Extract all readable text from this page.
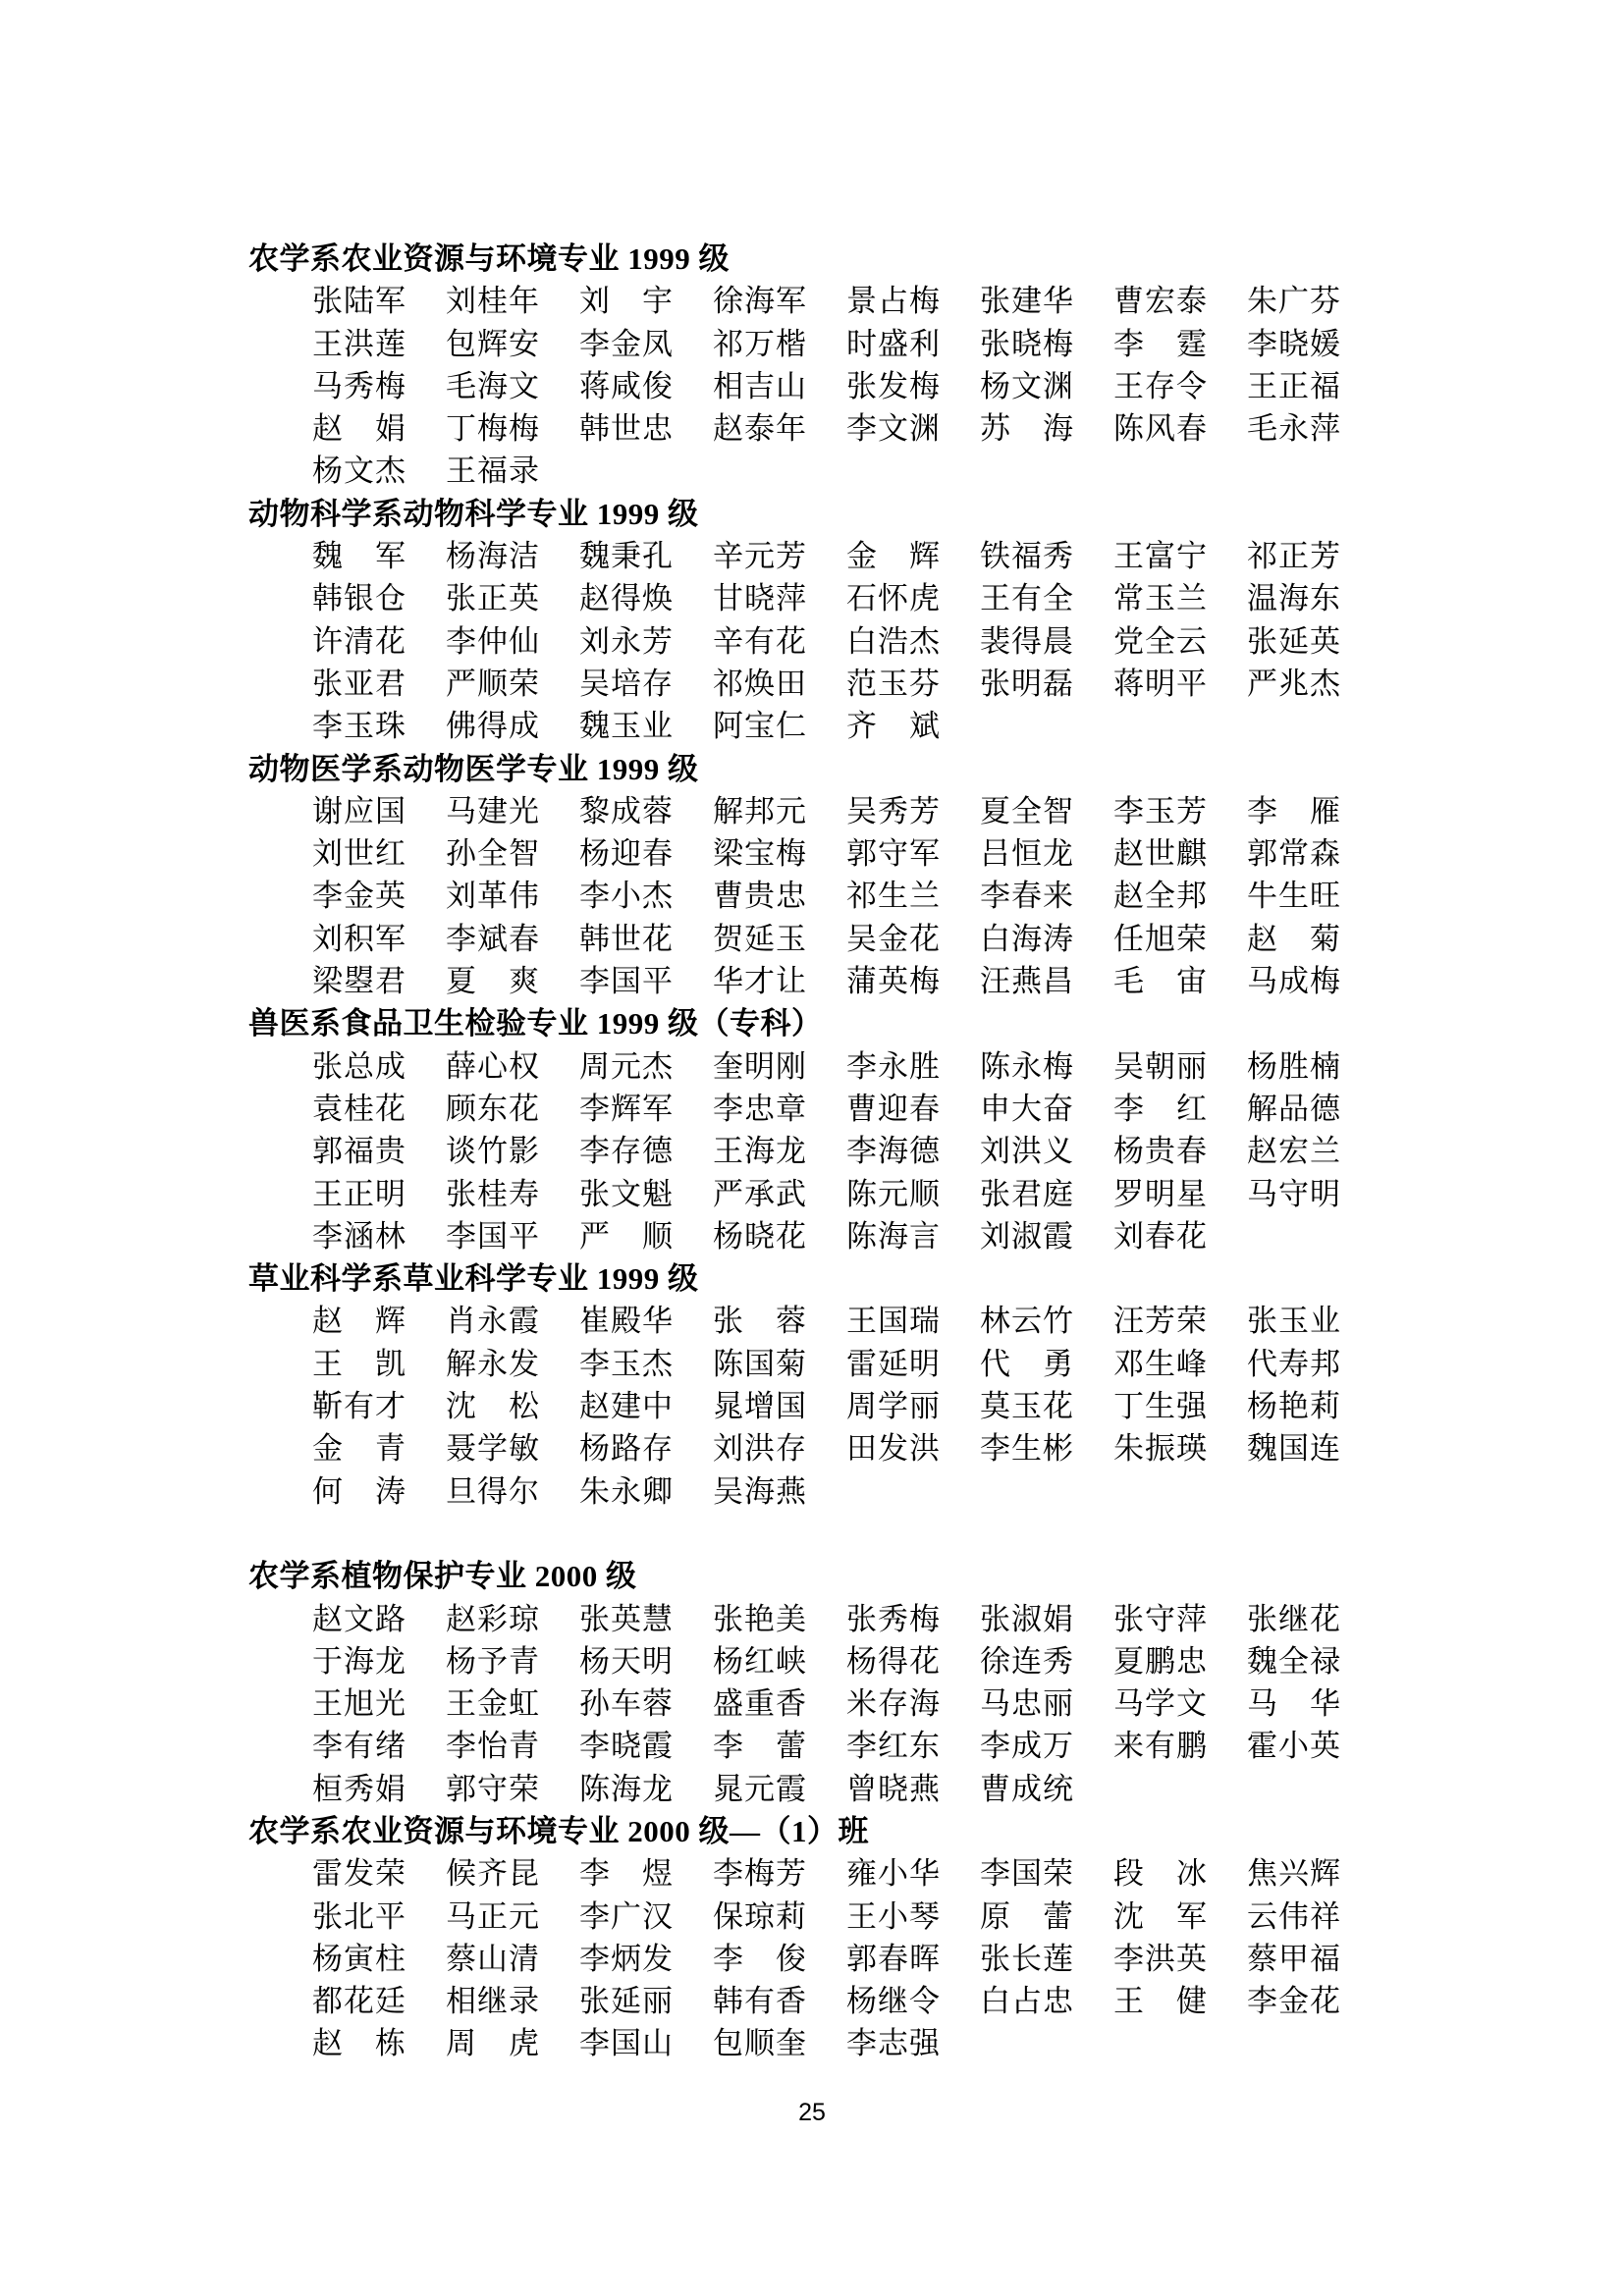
农学系农业资源与环境专业 1999 级
张陆军	刘桂年	刘　宇	徐海军	景占梅	张建华	曹宏泰	朱广芬
王洪莲	包辉安	李金凤	祁万楷	时盛利	张晓梅	李　霆	李晓媛
马秀梅	毛海文	蒋咸俊	相吉山	张发梅	杨文渊	王存令	王正福
赵　娟	丁梅梅	韩世忠	赵泰年	李文渊	苏　海	陈风春	毛永萍
杨文杰	王福录
动物科学系动物科学专业 1999 级
魏　军	杨海洁	魏秉孔	辛元芳	金　辉	铁福秀	王富宁	祁正芳
韩银仓	张正英	赵得焕	甘晓萍	石怀虎	王有全	常玉兰	温海东
许清花	李仲仙	刘永芳	辛有花	白浩杰	裴得晨	党全云	张延英
张亚君	严顺荣	吴培存	祁焕田	范玉芬	张明磊	蒋明平	严兆杰
李玉珠	佛得成	魏玉业	阿宝仁	齐　斌
动物医学系动物医学专业 1999 级
谢应国	马建光	黎成蓉	解邦元	吴秀芳	夏全智	李玉芳	李　雁
刘世红	孙全智	杨迎春	梁宝梅	郭守军	吕恒龙	赵世麒	郭常森
李金英	刘革伟	李小杰	曹贵忠	祁生兰	李春来	赵全邦	牛生旺
刘积军	李斌春	韩世花	贺延玉	吴金花	白海涛	任旭荣	赵　菊
梁曌君	夏　爽	李国平	华才让	蒲英梅	汪燕昌	毛　宙	马成梅
兽医系食品卫生检验专业 1999 级（专科）
张总成	薛心权	周元杰	奎明刚	李永胜	陈永梅	吴朝丽	杨胜楠
袁桂花	顾东花	李辉军	李忠章	曹迎春	申大奋	李　红	解品德
郭福贵	谈竹影	李存德	王海龙	李海德	刘洪义	杨贵春	赵宏兰
王正明	张桂寿	张文魁	严承武	陈元顺	张君庭	罗明星	马守明
李涵林	李国平	严　顺	杨晓花	陈海言	刘淑霞	刘春花
草业科学系草业科学专业 1999 级
赵　辉	肖永霞	崔殿华	张　蓉	王国瑞	林云竹	汪芳荣	张玉业
王　凯	解永发	李玉杰	陈国菊	雷延明	代　勇	邓生峰	代寿邦
靳有才	沈　松	赵建中	晁增国	周学丽	莫玉花	丁生强	杨艳莉
金　青	聂学敏	杨路存	刘洪存	田发洪	李生彬	朱振瑛	魏国连
何　涛	旦得尔	朱永卿	吴海燕
农学系植物保护专业 2000 级
赵文路	赵彩琼	张英慧	张艳美	张秀梅	张淑娟	张守萍	张继花
于海龙	杨予青	杨天明	杨红峡	杨得花	徐连秀	夏鹏忠	魏全禄
王旭光	王金虹	孙车蓉	盛重香	米存海	马忠丽	马学文	马　华
李有绪	李怡青	李晓霞	李　蕾	李红东	李成万	来有鹏	霍小英
桓秀娟	郭守荣	陈海龙	晁元霞	曾晓燕	曹成统
农学系农业资源与环境专业 2000 级—（1）班
雷发荣	候齐昆	李　煜	李梅芳	雍小华	李国荣	段　冰	焦兴辉
张北平	马正元	李广汉	保琼莉	王小琴	原　蕾	沈　军	云伟祥
杨寅柱	蔡山清	李炳发	李　俊	郭春晖	张长莲	李洪英	蔡甲福
都花廷	相继录	张延丽	韩有香	杨继令	白占忠	王　健	李金花
赵　栋	周　虎	李国山	包顺奎	李志强
25
